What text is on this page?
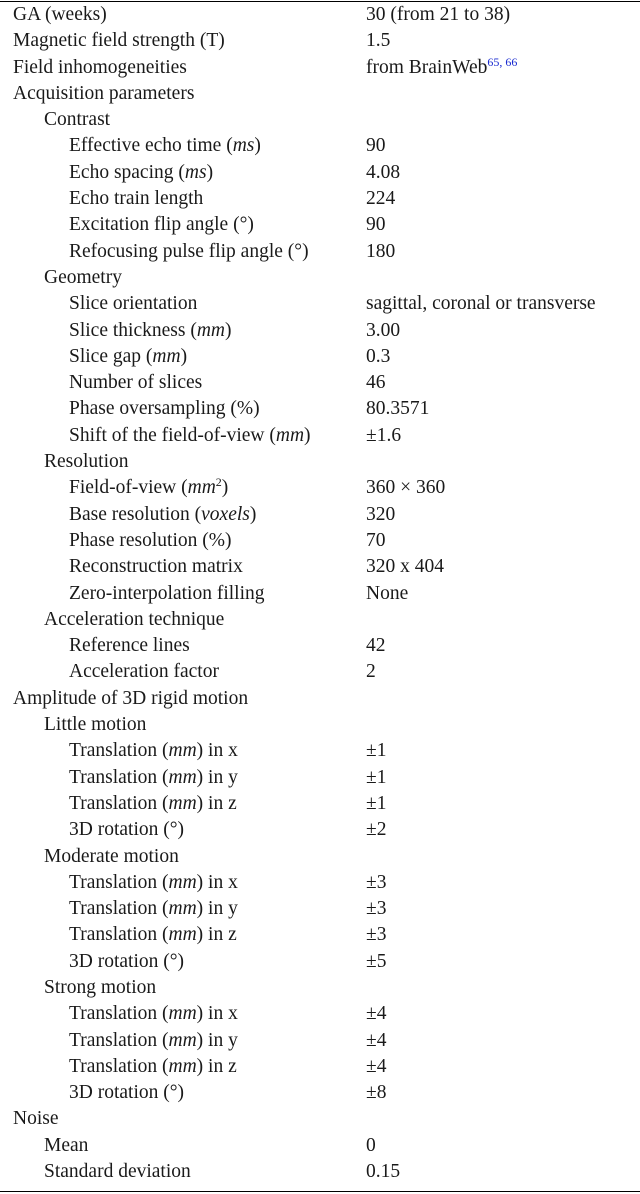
GA (weeks)	30 (from 21 to 38)
Magnetic field strength (T)	1.5
Field inhomogeneities	from BrainWeb$^{65, 66}$
Acquisition parameters
Contrast
Effective echo time (ms)	90
Echo spacing (ms)	4.08
Echo train length	224
Excitation flip angle (°)	90
Refocusing pulse flip angle (°)	180
Geometry
Slice orientation	sagittal, coronal or transverse
Slice thickness (mm)	3.00
Slice gap (mm)	0.3
Number of slices	46
Phase oversampling (%)	80.3571
Shift of the field-of-view (mm)	±1.6
Resolution
Field-of-view $(mm^2)$	360 × 360
Base resolution (voxels)	320
Phase resolution (%)	70
Reconstruction matrix	320 x 404
Zero-interpolation filling	None
Acceleration technique
Reference lines	42
Acceleration factor	2
Amplitude of 3D rigid motion
Little motion
Translation (mm) in x	±1
Translation (mm) in y	±1
Translation (mm) in z	±1
3D rotation (°)	±2
Moderate motion
Translation (mm) in x	±3
Translation (mm) in y	±3
Translation (mm) in z	±3
3D rotation (°)	±5
Strong motion
Translation (mm) in x	±4
Translation (mm) in y	±4
Translation (mm) in z	±4
3D rotation (°)	±8
Noise
Mean	0
Standard deviation	0.15
